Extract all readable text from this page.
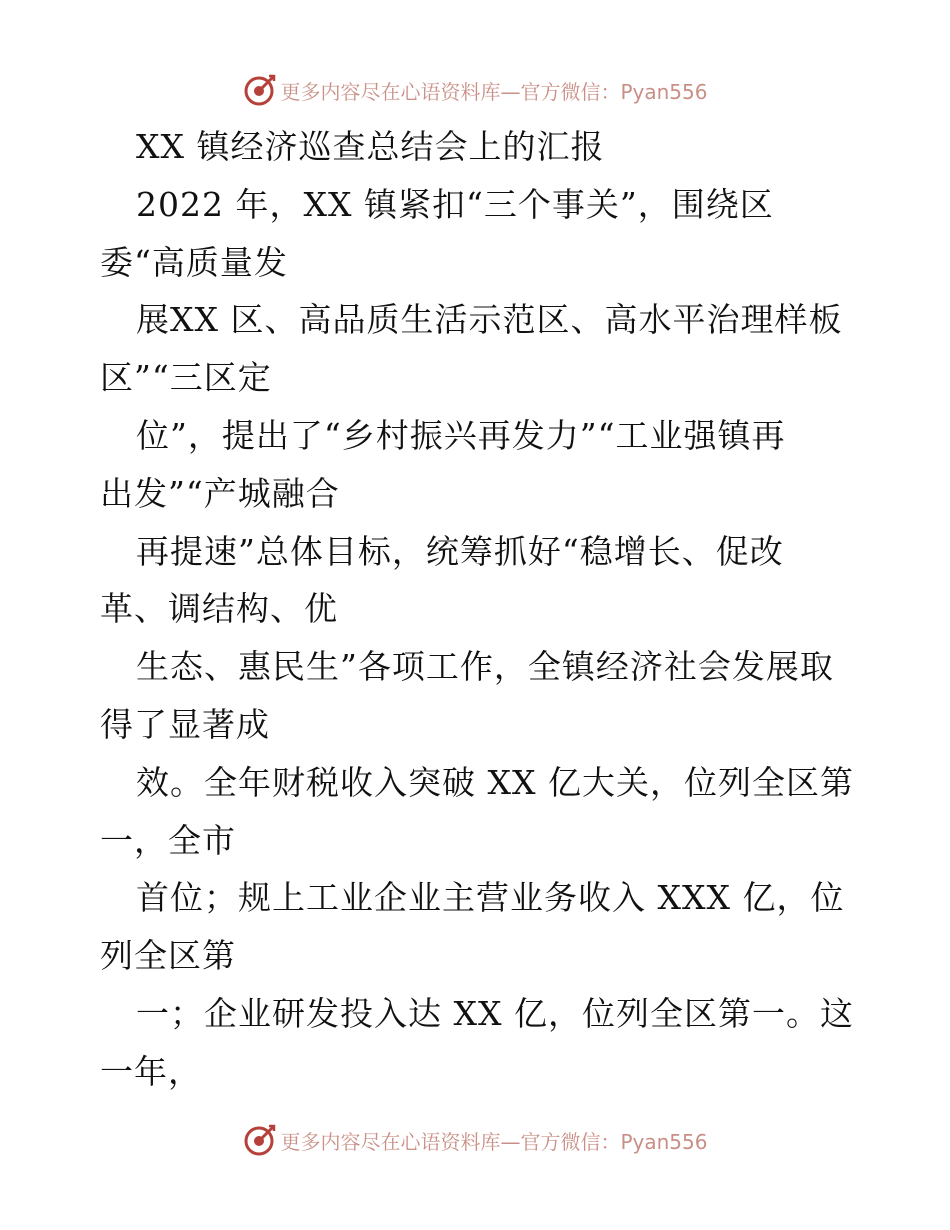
更多内容尽在心语资料库—官方微信：Pyan556
XX 镇经济巡查总结会上的汇报
2022 年，XX 镇紧扣“三个事关”，围绕区
委“高质量发
展XX 区、高品质生活示范区、高水平治理样板
区”“三区定
位”，提出了“乡村振兴再发力”“工业强镇再
出发”“产城融合
再提速”总体目标，统筹抓好“稳增长、促改
革、调结构、优
生态、惠民生”各项工作，全镇经济社会发展取
得了显著成
效。全年财税收入突破 XX 亿大关，位列全区第
一，全市
首位；规上工业企业主营业务收入 XXX 亿，位
列全区第
一；企业研发投入达 XX 亿，位列全区第一。这
一年，
更多内容尽在心语资料库—官方微信：Pyan556
